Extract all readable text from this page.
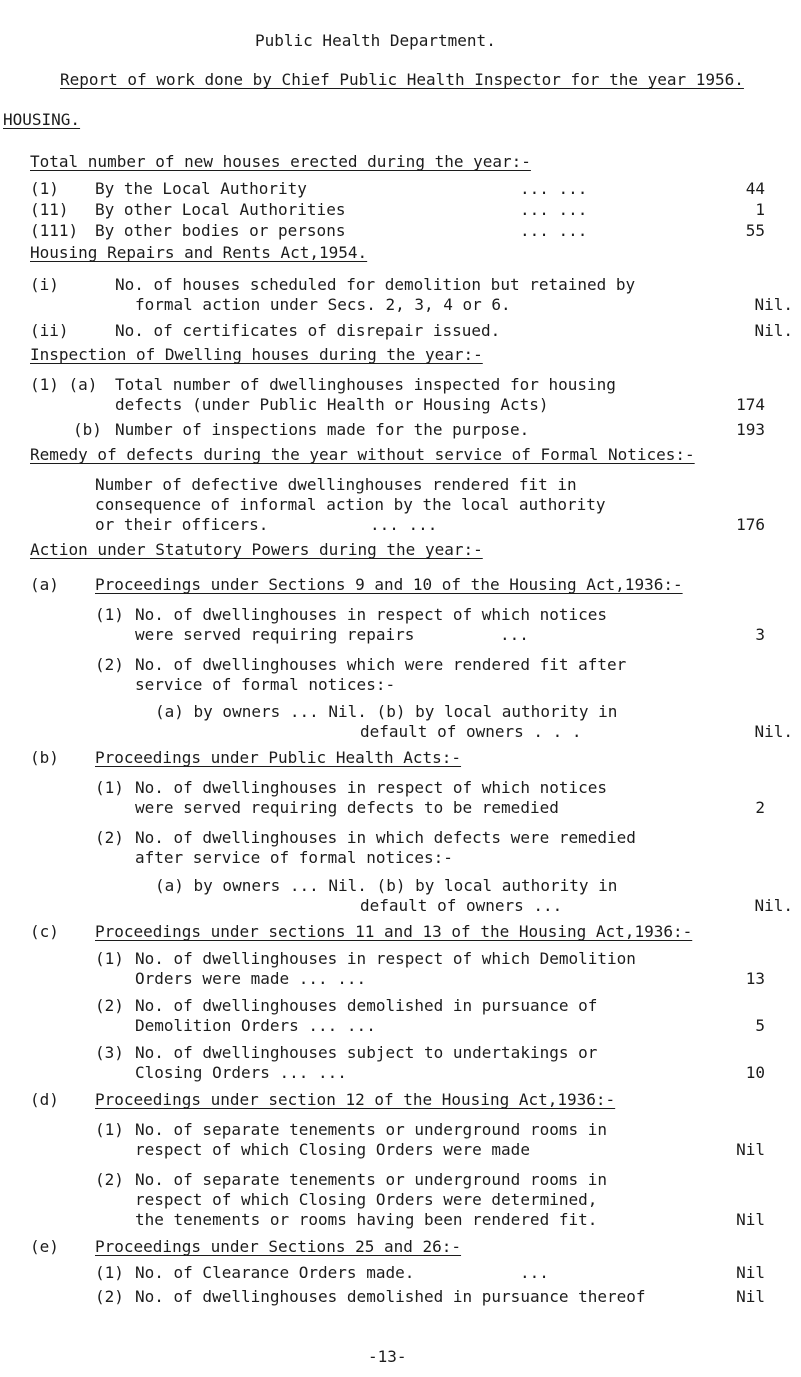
Public Health Department.
Report of work done by Chief Public Health Inspector for the year 1956.
HOUSING.
Total number of new houses erected during the year:-
(1) By the Local Authority	... ...	44
(11) By other Local Authorities	... ...	1
(111) By other bodies or persons	... ...	55
Housing Repairs and Rents Act,1954.
(i)	No. of houses scheduled for demolition but retained by
formal action under Secs. 2, 3, 4 or 6.	Nil.
(ii)	No. of certificates of disrepair issued.	Nil.
Inspection of Dwelling houses during the year:-
(1) (a) Total number of dwellinghouses inspected for housing
defects (under Public Health or Housing Acts)	174
(b) Number of inspections made for the purpose.	193
Remedy of defects during the year without service of Formal Notices:-
Number of defective dwellinghouses rendered fit in
consequence of informal action by the local authority
or their officers.	... ...	176
Action under Statutory Powers during the year:-
(a) Proceedings under Sections 9 and 10 of the Housing Act,1936:-
(1) No. of dwellinghouses in respect of which notices
were served requiring repairs	...	3
(2) No. of dwellinghouses which were rendered fit after
service of formal notices:-
(a) by owners ... Nil. (b) by local authority in
default of owners . . .	Nil.
(b) Proceedings under Public Health Acts:-
(1) No. of dwellinghouses in respect of which notices
were served requiring defects to be remedied	2
(2) No. of dwellinghouses in which defects were remedied
after service of formal notices:-
(a) by owners ... Nil. (b) by local authority in
default of owners ...	Nil.
(c) Proceedings under sections 11 and 13 of the Housing Act,1936:-
(1) No. of dwellinghouses in respect of which Demolition
Orders were made ... ...	13
(2) No. of dwellinghouses demolished in pursuance of
Demolition Orders ... ...	5
(3) No. of dwellinghouses subject to undertakings or
Closing Orders ... ...	10
(d) Proceedings under section 12 of the Housing Act,1936:-
(1) No. of separate tenements or underground rooms in
respect of which Closing Orders were made	Nil
(2) No. of separate tenements or underground rooms in
respect of which Closing Orders were determined,
the tenements or rooms having been rendered fit.	Nil
(e) Proceedings under Sections 25 and 26:-
(1) No. of Clearance Orders made.	...	Nil
(2) No. of dwellinghouses demolished in pursuance thereof	Nil
-13-
